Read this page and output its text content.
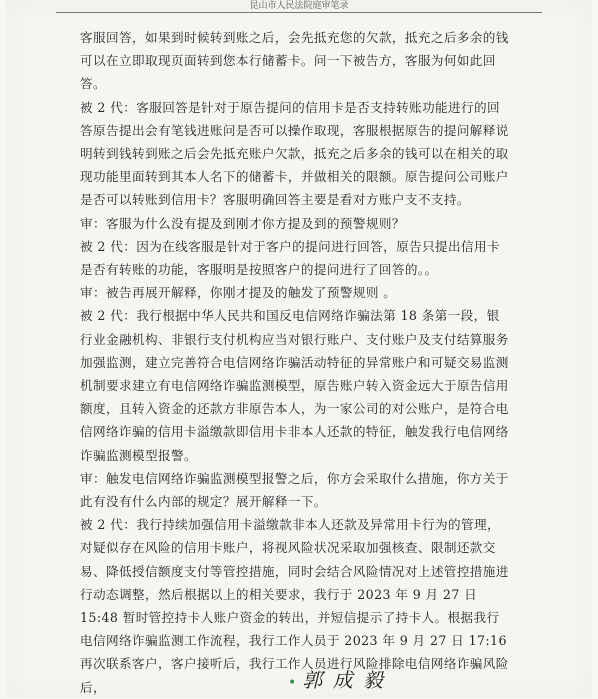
昆山市人民法院庭审笔录

客服回答，如果到时候转到账之后，会先抵充您的欠款，抵充之后多余的钱可以在立即取现页面转到您本行储蓄卡。问一下被告方，客服为何如此回答。

被 2 代：客服回答是针对于原告提问的信用卡是否支持转账功能进行的回答原告提出会有笔钱进账问是否可以操作取现，客服根据原告的提问解释说明转到钱转到账之后会先抵充账户欠款，抵充之后多余的钱可以在相关的取现功能里面转到其本人名下的储蓄卡，并做相关的限额。原告提问公司账户是否可以转账到信用卡？客服明确回答主要是看对方账户支不支持。

审：客服为什么没有提及到刚才你方提及到的预警规则？

被 2 代：因为在线客服是针对于客户的提问进行回答，原告只提出信用卡是否有转账的功能，客服明是按照客户的提问进行了回答的。。

审：被告再展开解释，你刚才提及的触发了预警规则 。

被 2 代：我行根据中华人民共和国反电信网络诈骗法第 18 条第一段，银行业金融机构、非银行支付机构应当对银行账户、支付账户及支付结算服务加强监测，建立完善符合电信网络诈骗活动特征的异常账户和可疑交易监测机制要求建立有电信网络诈骗监测模型，原告账户转入资金远大于原告信用额度，且转入资金的还款方非原告本人，为一家公司的对公账户，是符合电信网络诈骗的信用卡溢缴款即信用卡非本人还款的特征，触发我行电信网络诈骗监测模型报警。

审：触发电信网络诈骗监测模型报警之后，你方会采取什么措施，你方关于此有没有什么内部的规定？展开解释一下。

被 2 代：我行持续加强信用卡溢缴款非本人还款及异常用卡行为的管理，对疑似存在风险的信用卡账户，将视风险状况采取加强核查、限制还款交易、降低授信额度支付等管控措施，同时会结合风险情况对上述管控措施进行动态调整，然后根据以上的相关要求，我行于 2023 年 9 月 27 日 15:48 暂时管控持卡人账户资金的转出，并短信提示了持卡人。根据我行电信网络诈骗监测工作流程，我行工作人员于 2023 年 9 月 27 日 17:16 再次联系客户，客户接听后，我行工作人员进行风险排除电信网络诈骗风险后，	• 郭 成 毅
